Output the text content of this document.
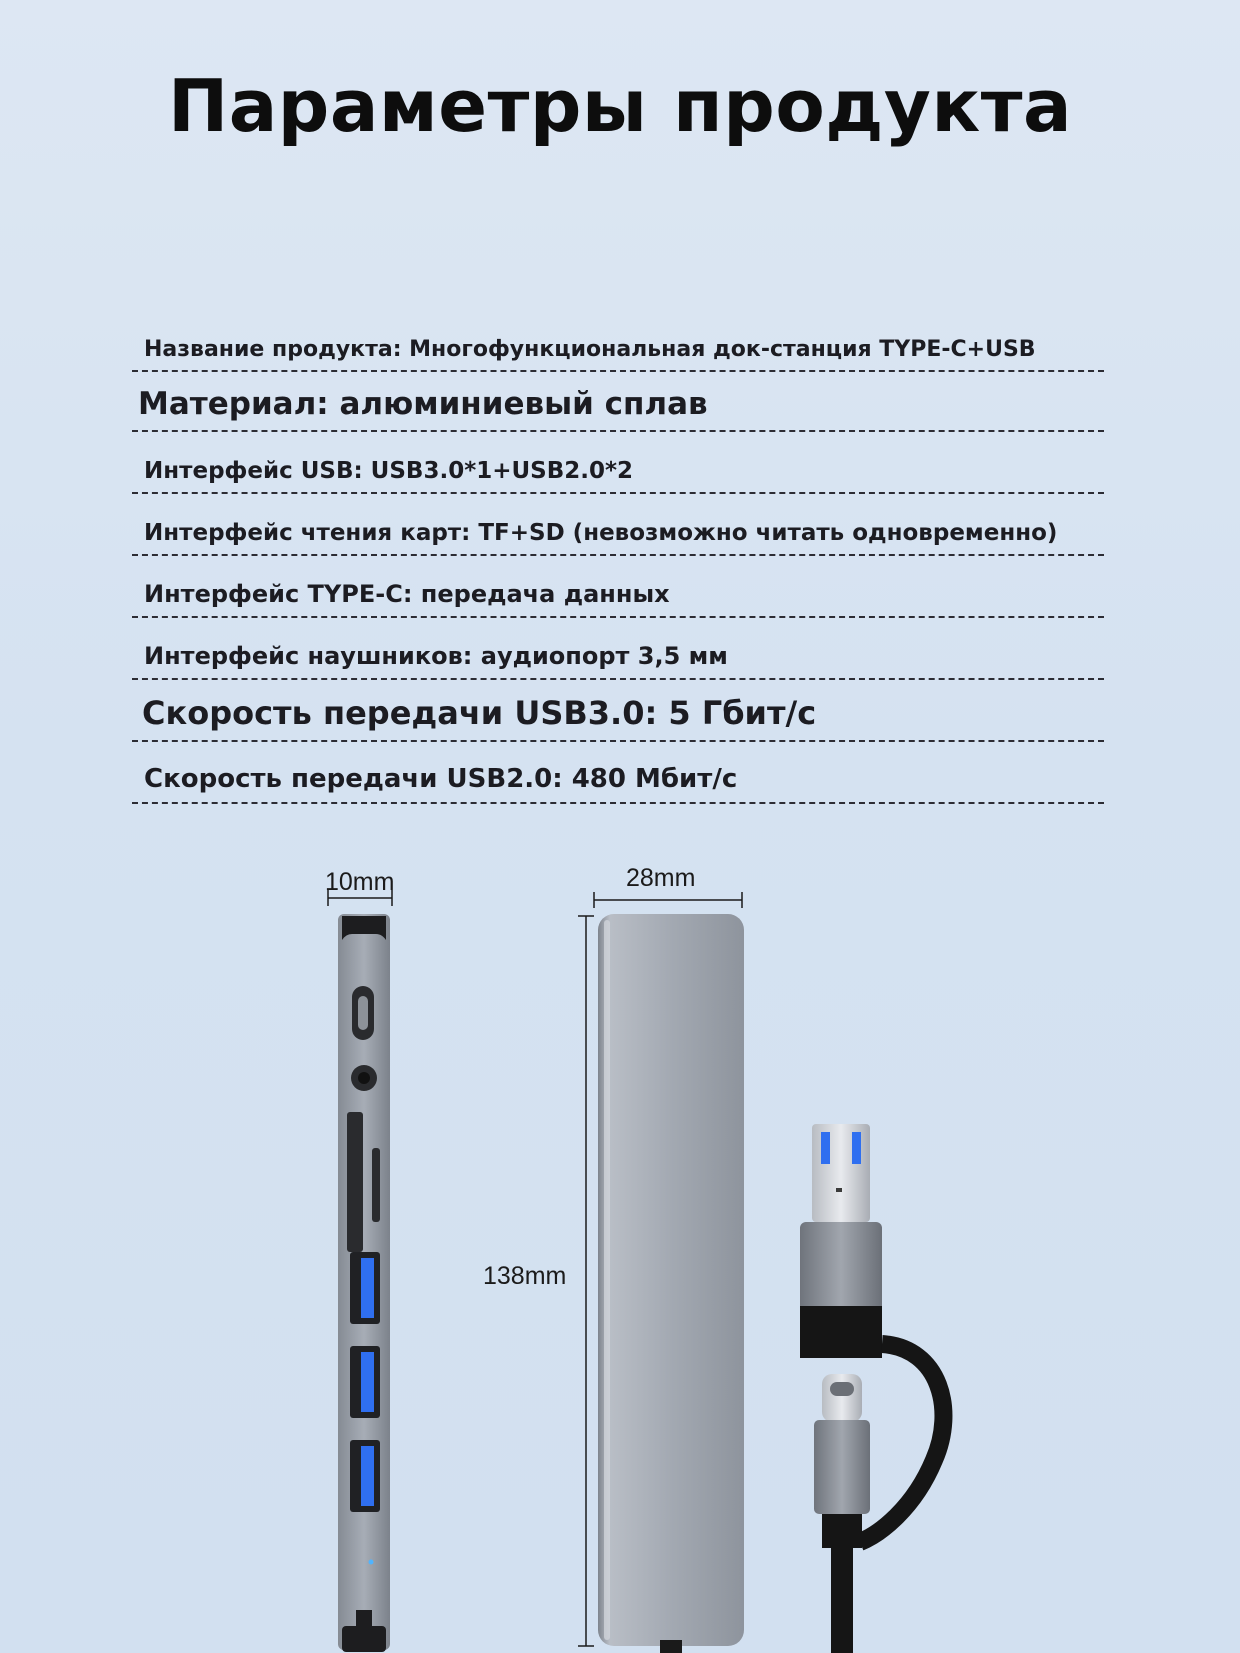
Параметры продукта
Название продукта: Многофункциональная док-станция TYPE-C+USB
Материал: алюминиевый сплав
Интерфейс USB: USB3.0*1+USB2.0*2
Интерфейс чтения карт: TF+SD (невозможно читать одновременно)
Интерфейс TYPE-C: передача данных
Интерфейс наушников: аудиопорт 3,5 мм
Скорость передачи USB3.0: 5 Гбит/с
Скорость передачи USB2.0: 480 Мбит/с
10mm	28mm
138mm
